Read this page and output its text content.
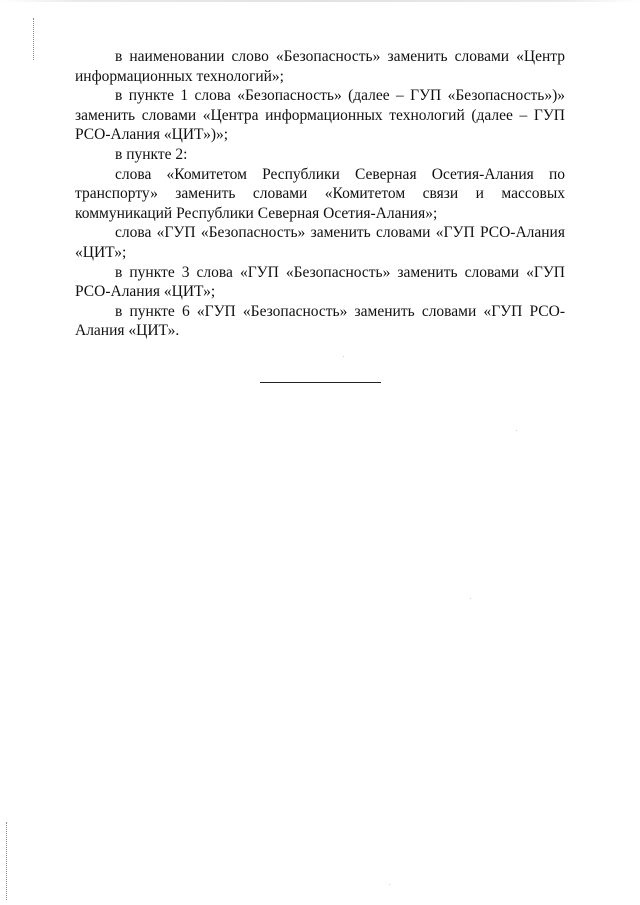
в наименовании слово «Безопасность» заменить словами «Центр информационных технологий»;

в пункте 1 слова «Безопасность» (далее – ГУП «Безопасность»)» заменить словами «Центра информационных технологий (далее – ГУП РСО-Алания «ЦИТ»)»;

в пункте 2:

слова «Комитетом Республики Северная Осетия-Алания по транспорту» заменить словами «Комитетом связи и массовых коммуникаций Республики Северная Осетия-Алания»;

слова «ГУП «Безопасность» заменить словами «ГУП РСО-Алания «ЦИТ»;

в пункте 3 слова «ГУП «Безопасность» заменить словами «ГУП РСО-Алания «ЦИТ»;

в пункте 6 «ГУП «Безопасность» заменить словами «ГУП РСО-Алания «ЦИТ».
